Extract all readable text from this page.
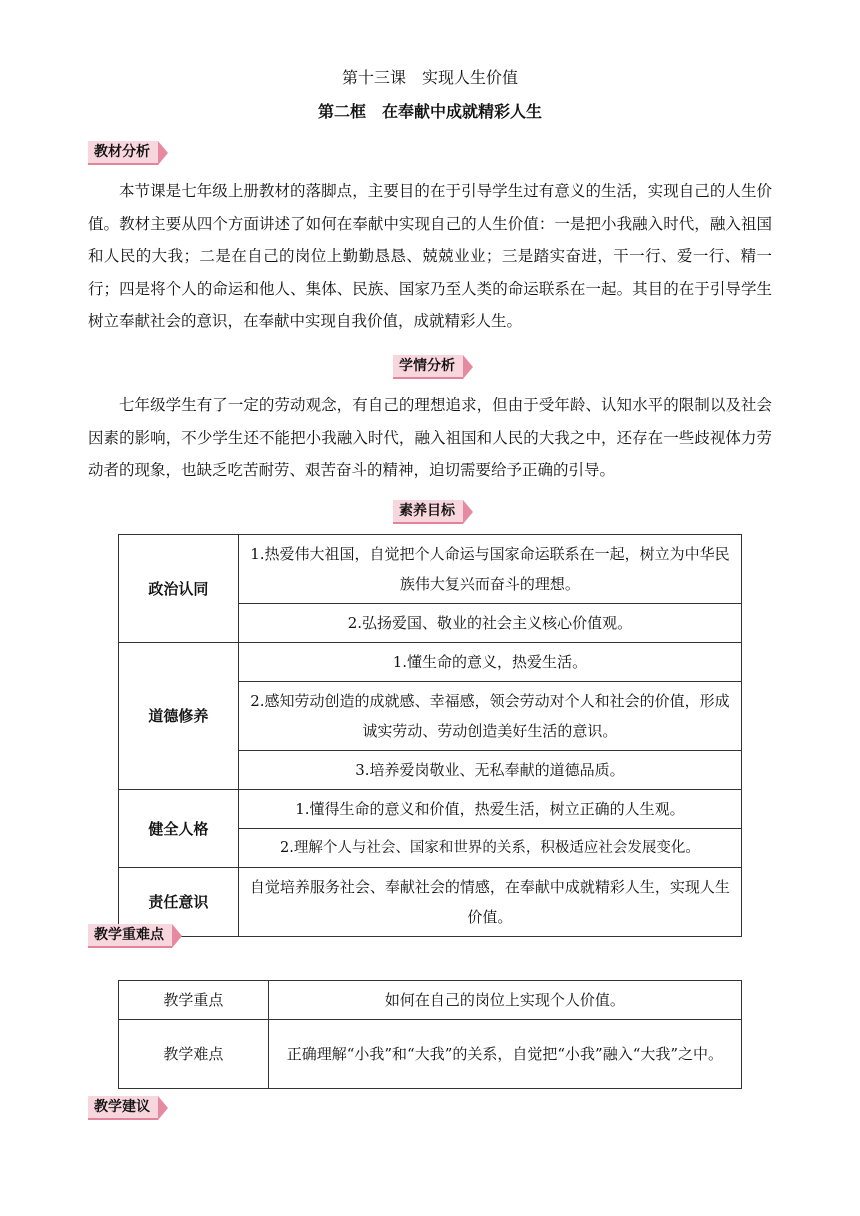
第十三课　实现人生价值
第二框　在奉献中成就精彩人生
教材分析

本节课是七年级上册教材的落脚点，主要目的在于引导学生过有意义的生活，实现自己的人生价值。教材主要从四个方面讲述了如何在奉献中实现自己的人生价值：一是把小我融入时代，融入祖国和人民的大我；二是在自己的岗位上勤勤恳恳、兢兢业业；三是踏实奋进，干一行、爱一行、精一行；四是将个人的命运和他人、集体、民族、国家乃至人类的命运联系在一起。其目的在于引导学生树立奉献社会的意识，在奉献中实现自我价值，成就精彩人生。

学情分析

七年级学生有了一定的劳动观念，有自己的理想追求，但由于受年龄、认知水平的限制以及社会因素的影响，不少学生还不能把小我融入时代，融入祖国和人民的大我之中，还存在一些歧视体力劳动者的现象，也缺乏吃苦耐劳、艰苦奋斗的精神，迫切需要给予正确的引导。

素养目标
政治认同	1.热爱伟大祖国，自觉把个人命运与国家命运联系在一起，树立为中华民族伟大复兴而奋斗的理想。
	2.弘扬爱国、敬业的社会主义核心价值观。
道德修养	1.懂生命的意义，热爱生活。
	2.感知劳动创造的成就感、幸福感，领会劳动对个人和社会的价值，形成诚实劳动、劳动创造美好生活的意识。
	3.培养爱岗敬业、无私奉献的道德品质。
健全人格	1.懂得生命的意义和价值，热爱生活，树立正确的人生观。
	2.理解个人与社会、国家和世界的关系，积极适应社会发展变化。
责任意识	自觉培养服务社会、奉献社会的情感，在奉献中成就精彩人生，实现人生价值。
教学重难点
教学重点	如何在自己的岗位上实现个人价值。
教学难点	正确理解“小我”和“大我”的关系，自觉把“小我”融入“大我”之中。
教学建议
